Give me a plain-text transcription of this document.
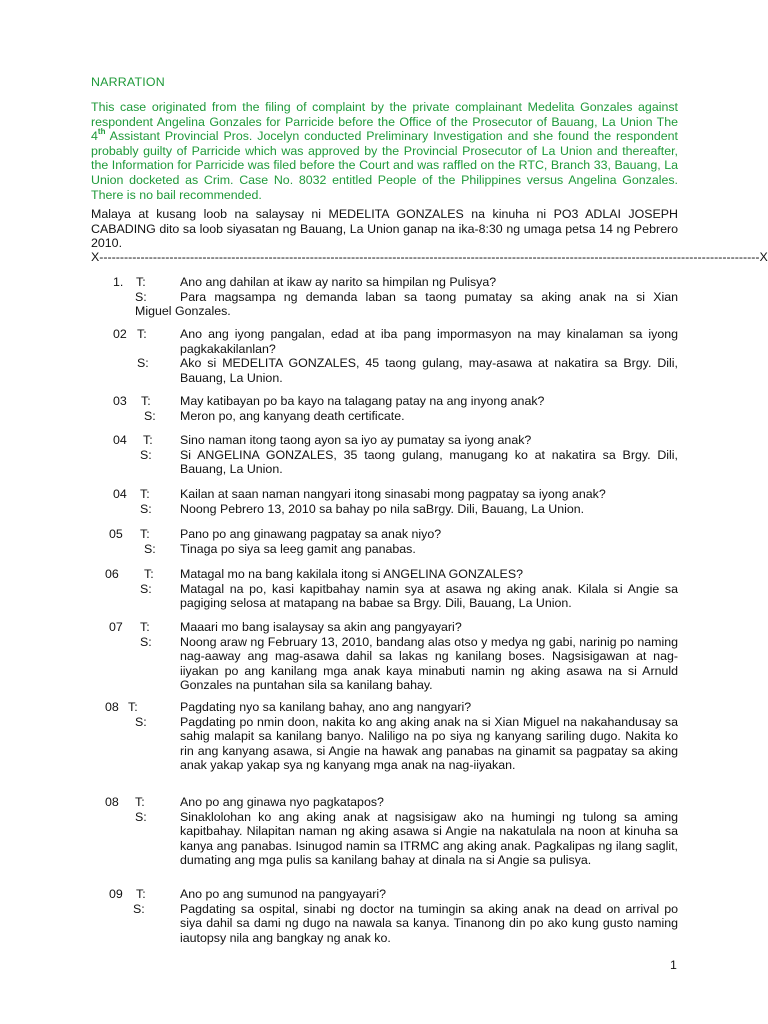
NARRATION
This case originated from the filing of complaint by the private complainant Medelita Gonzales against respondent Angelina Gonzales for Parricide before the Office of the Prosecutor of Bauang, La Union The 4th Assistant Provincial Pros. Jocelyn conducted Preliminary Investigation and she found the respondent probably guilty of Parricide which was approved by the Provincial Prosecutor of La Union and thereafter, the Information for Parricide was filed before the Court and was raffled on the RTC, Branch 33, Bauang, La Union docketed as Crim. Case No. 8032 entitled People of the Philippines versus Angelina Gonzales. There is no bail recommended.
Malaya at kusang loob na salaysay ni MEDELITA GONZALES na kinuha ni PO3 ADLAI JOSEPH CABADING dito sa loob siyasatan ng Bauang, La Union ganap na ika-8:30 ng umaga petsa 14 ng Pebrero 2010.
X ---------------------------------------------------------------------------------------------------------------------------------------------------------------- X
1. T:	Ano ang dahilan at ikaw ay narito sa himpilan ng Pulisya?
S:	Para magsampa ng demanda laban sa taong pumatay sa aking anak na si Xian
Miguel Gonzales.
02 T:	Ano ang iyong pangalan, edad at iba pang impormasyon na may kinalaman sa iyong pagkakakilanlan?
S:	Ako si MEDELITA GONZALES, 45 taong gulang, may-asawa at nakatira sa Brgy. Dili, Bauang, La Union.
03 T: May katibayan po ba kayo na talagang patay na ang inyong anak?
S: Meron po, ang kanyang death certificate.
04 T: Sino naman itong taong ayon sa iyo ay pumatay sa iyong anak?
S: Si ANGELINA GONZALES, 35 taong gulang, manugang ko at nakatira sa Brgy. Dili, Bauang, La Union.
04 T: Kailan at saan naman nangyari itong sinasabi mong pagpatay sa iyong anak?
S: Noong Pebrero 13, 2010 sa bahay po nila saBrgy. Dili, Bauang, La Union.
05 T: Pano po ang ginawang pagpatay sa anak niyo?
S: Tinaga po siya sa leeg gamit ang panabas.
06 T: Matagal mo na bang kakilala itong si ANGELINA GONZALES?
S: Matagal na po, kasi kapitbahay namin sya at asawa ng aking anak. Kilala si Angie sa pagiging selosa at matapang na babae sa Brgy. Dili, Bauang, La Union.
07 T: Maaari mo bang isalaysay sa akin ang pangyayari?
S: Noong araw ng February 13, 2010, bandang alas otso y medya ng gabi, narinig po naming nag-aaway ang mag-asawa dahil sa lakas ng kanilang boses. Nagsisigawan at nag-iiyakan po ang kanilang mga anak kaya minabuti namin ng aking asawa na si Arnuld Gonzales na puntahan sila sa kanilang bahay.
08 T:	Pagdating nyo sa kanilang bahay, ano ang nangyari?
S:	Pagdating po nmin doon, nakita ko ang aking anak na si Xian Miguel na nakahandusay sa sahig malapit sa kanilang banyo. Naliligo na po siya ng kanyang sariling dugo. Nakita ko rin ang kanyang asawa, si Angie na hawak ang panabas na ginamit sa pagpatay sa aking anak yakap yakap sya ng kanyang mga anak na nag-iiyakan.
08 T:	Ano po ang ginawa nyo pagkatapos?
S:	Sinaklolohan ko ang aking anak at nagsisigaw ako na humingi ng tulong sa aming kapitbahay. Nilapitan naman ng aking asawa si Angie na nakatulala na noon at kinuha sa kanya ang panabas. Isinugod namin sa ITRMC ang aking anak. Pagkalipas ng ilang saglit, dumating ang mga pulis sa kanilang bahay at dinala na si Angie sa pulisya.
09 T:	Ano po ang sumunod na pangyayari?
S:	Pagdating sa ospital, sinabi ng doctor na tumingin sa aking anak na dead on arrival po siya dahil sa dami ng dugo na nawala sa kanya. Tinanong din po ako kung gusto naming iautopsy nila ang bangkay ng anak ko.
1
